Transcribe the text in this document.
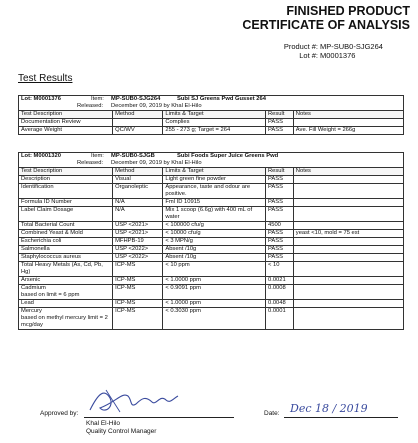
FINISHED PRODUCT
CERTIFICATE OF ANALYSIS
Product #: MP-SUB0-SJG264
Lot #: M0001376
Test Results
Lot: M0001376 Item: MP-SUB0-SJG264 Subi SJ Greens Pwd Gusset 264				

Released: December 09, 2019 by Khal El-Hilo				

Test Description	Method	Limits & Target	Result	Notes
Documentation Review		Complies	PASS	
Average Weight	QC/WV	255 - 273 g; Target = 264	PASS	Ave. Fill Weight = 266g
Lot: M0001320 Item: MP-SUB0-SJGB Subi Foods Super Juice Greens Pwd				

Released: December 09, 2019 by Khal El-Hilo				

Test Description	Method	Limits & Target	Result	Notes
Description	Visual	Light green fine powder	PASS	
Identification	Organoleptic	Appearance, taste and odour are positive.	PASS	
Formula ID Number	N/A	Fml ID 10915	PASS	
Label Claim Dosage	N/A	Mix 1 scoop (6.6g) with 400 mL of water	PASS	
Total Bacterial Count	USP <2021>	< 100000 cfu/g	4500	
Combined Yeast & Mold	USP <2021>	< 10000 cfu/g	PASS	yeast <10, mold = 75 est
Escherichia coli	MFHPB-19	< 3 MPN/g	PASS	
Salmonella	USP <2022>	Absent /10g	PASS	
Staphylococcus aureus	USP <2022>	Absent /10g	PASS	
Total Heavy Metals (As, Cd, Pb, Hg)	ICP-MS	< 10 ppm	< 10	
Arsenic	ICP-MS	< 1.0000 ppm	0.0021	
Cadmium
based on limit = 6 ppm	ICP-MS	< 0.9091 ppm	0.0008	
Lead	ICP-MS	< 1.0000 ppm	0.0048	
Mercury
based on methyl mercury limit = 2 mcg/day	ICP-MS	< 0.3030 ppm	0.0001	
Approved by:
Khal El-Hilo
Quality Control Manager
Date: Dec 18 / 2019
